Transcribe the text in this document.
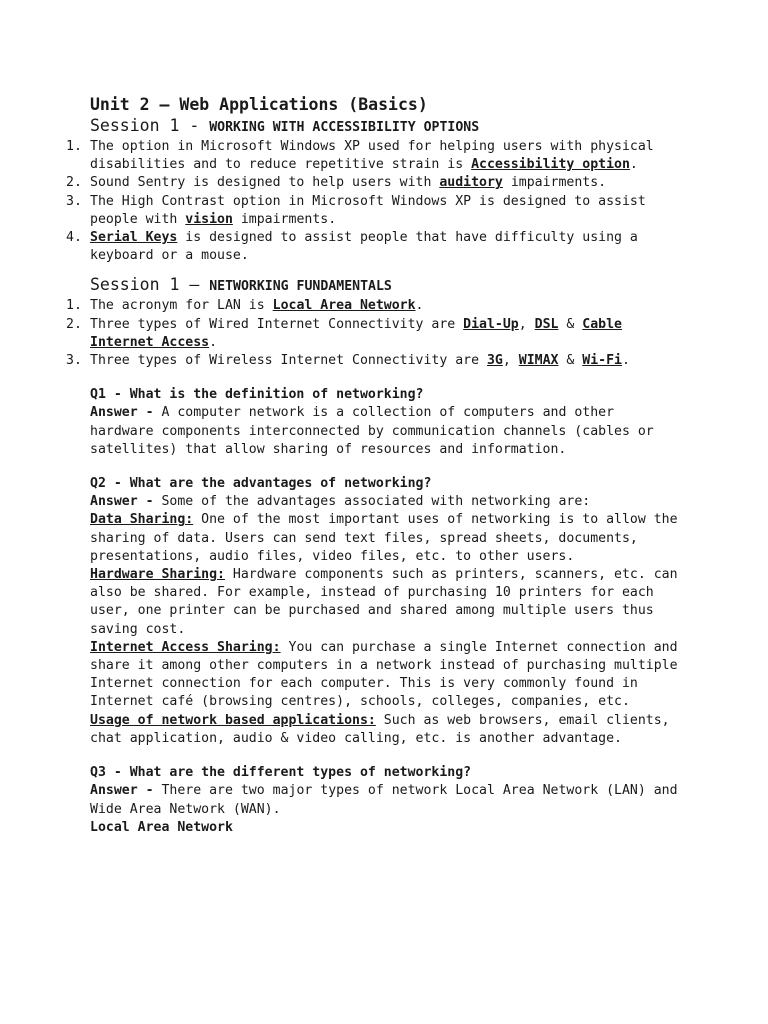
Unit 2 – Web Applications (Basics)
Session 1 - WORKING WITH ACCESSIBILITY OPTIONS
1. The option in Microsoft Windows XP used for helping users with physical disabilities and to reduce repetitive strain is Accessibility option.
2. Sound Sentry is designed to help users with auditory impairments.
3. The High Contrast option in Microsoft Windows XP is designed to assist people with vision impairments.
4. Serial Keys is designed to assist people that have difficulty using a keyboard or a mouse.
Session 1 – NETWORKING FUNDAMENTALS
1. The acronym for LAN is Local Area Network.
2. Three types of Wired Internet Connectivity are Dial-Up, DSL & Cable Internet Access.
3. Three types of Wireless Internet Connectivity are 3G, WIMAX & Wi-Fi.

Q1 - What is the definition of networking?

Answer - A computer network is a collection of computers and other hardware components interconnected by communication channels (cables or satellites) that allow sharing of resources and information.

Q2 - What are the advantages of networking?

Answer - Some of the advantages associated with networking are:

Data Sharing: One of the most important uses of networking is to allow the sharing of data. Users can send text files, spread sheets, documents, presentations, audio files, video files, etc. to other users.

Hardware Sharing: Hardware components such as printers, scanners, etc. can also be shared. For example, instead of purchasing 10 printers for each user, one printer can be purchased and shared among multiple users thus saving cost.

Internet Access Sharing: You can purchase a single Internet connection and share it among other computers in a network instead of purchasing multiple Internet connection for each computer. This is very commonly found in Internet café (browsing centres), schools, colleges, companies, etc.

Usage of network based applications: Such as web browsers, email clients, chat application, audio & video calling, etc. is another advantage.

Q3 - What are the different types of networking?

Answer - There are two major types of network Local Area Network (LAN) and Wide Area Network (WAN).

Local Area Network
